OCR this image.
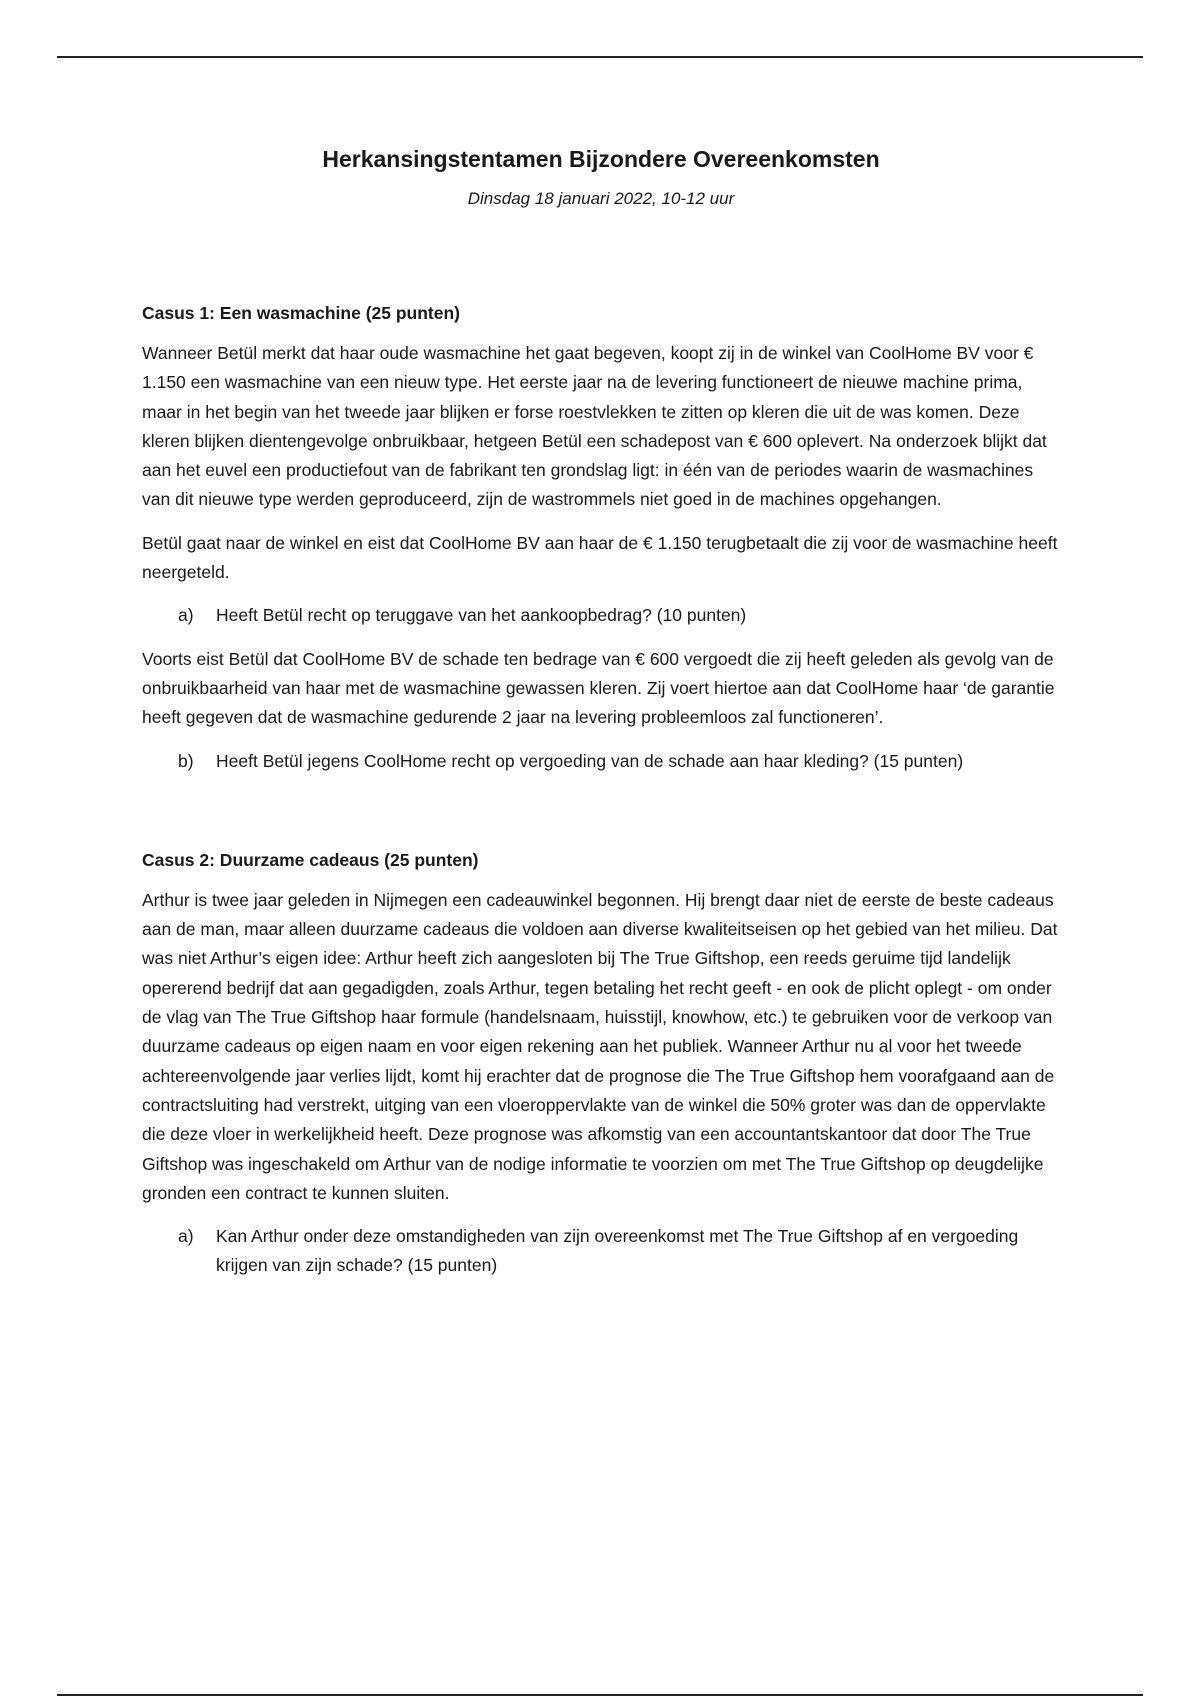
Herkansingstentamen Bijzondere Overeenkomsten

Dinsdag 18 januari 2022, 10-12 uur

Casus 1: Een wasmachine (25 punten)

Wanneer Betül merkt dat haar oude wasmachine het gaat begeven, koopt zij in de winkel van CoolHome BV voor € 1.150 een wasmachine van een nieuw type. Het eerste jaar na de levering functioneert de nieuwe machine prima, maar in het begin van het tweede jaar blijken er forse roestvlekken te zitten op kleren die uit de was komen. Deze kleren blijken dientengevolge onbruikbaar, hetgeen Betül een schadepost van € 600 oplevert. Na onderzoek blijkt dat aan het euvel een productiefout van de fabrikant ten grondslag ligt: in één van de periodes waarin de wasmachines van dit nieuwe type werden geproduceerd, zijn de wastrommels niet goed in de machines opgehangen.

Betül gaat naar de winkel en eist dat CoolHome BV aan haar de € 1.150 terugbetaalt die zij voor de wasmachine heeft neergeteld.

a)	Heeft Betül recht op teruggave van het aankoopbedrag? (10 punten)

Voorts eist Betül dat CoolHome BV de schade ten bedrage van € 600 vergoedt die zij heeft geleden als gevolg van de onbruikbaarheid van haar met de wasmachine gewassen kleren. Zij voert hiertoe aan dat CoolHome haar ‘de garantie heeft gegeven dat de wasmachine gedurende 2 jaar na levering probleemloos zal functioneren’.

b)	Heeft Betül jegens CoolHome recht op vergoeding van de schade aan haar kleding? (15 punten)
Casus 2: Duurzame cadeaus (25 punten)

Arthur is twee jaar geleden in Nijmegen een cadeauwinkel begonnen. Hij brengt daar niet de eerste de beste cadeaus aan de man, maar alleen duurzame cadeaus die voldoen aan diverse kwaliteitseisen op het gebied van het milieu. Dat was niet Arthur’s eigen idee: Arthur heeft zich aangesloten bij The True Giftshop, een reeds geruime tijd landelijk opererend bedrijf dat aan gegadigden, zoals Arthur, tegen betaling het recht geeft - en ook de plicht oplegt - om onder de vlag van The True Giftshop haar formule (handelsnaam, huisstijl, knowhow, etc.) te gebruiken voor de verkoop van duurzame cadeaus op eigen naam en voor eigen rekening aan het publiek. Wanneer Arthur nu al voor het tweede achtereenvolgende jaar verlies lijdt, komt hij erachter dat de prognose die The True Giftshop hem voorafgaand aan de contractsluiting had verstrekt, uitging van een vloeroppervlakte van de winkel die 50% groter was dan de oppervlakte die deze vloer in werkelijkheid heeft. Deze prognose was afkomstig van een accountantskantoor dat door The True Giftshop was ingeschakeld om Arthur van de nodige informatie te voorzien om met The True Giftshop op deugdelijke gronden een contract te kunnen sluiten.

a)	Kan Arthur onder deze omstandigheden van zijn overeenkomst met The True Giftshop af en vergoeding krijgen van zijn schade? (15 punten)
